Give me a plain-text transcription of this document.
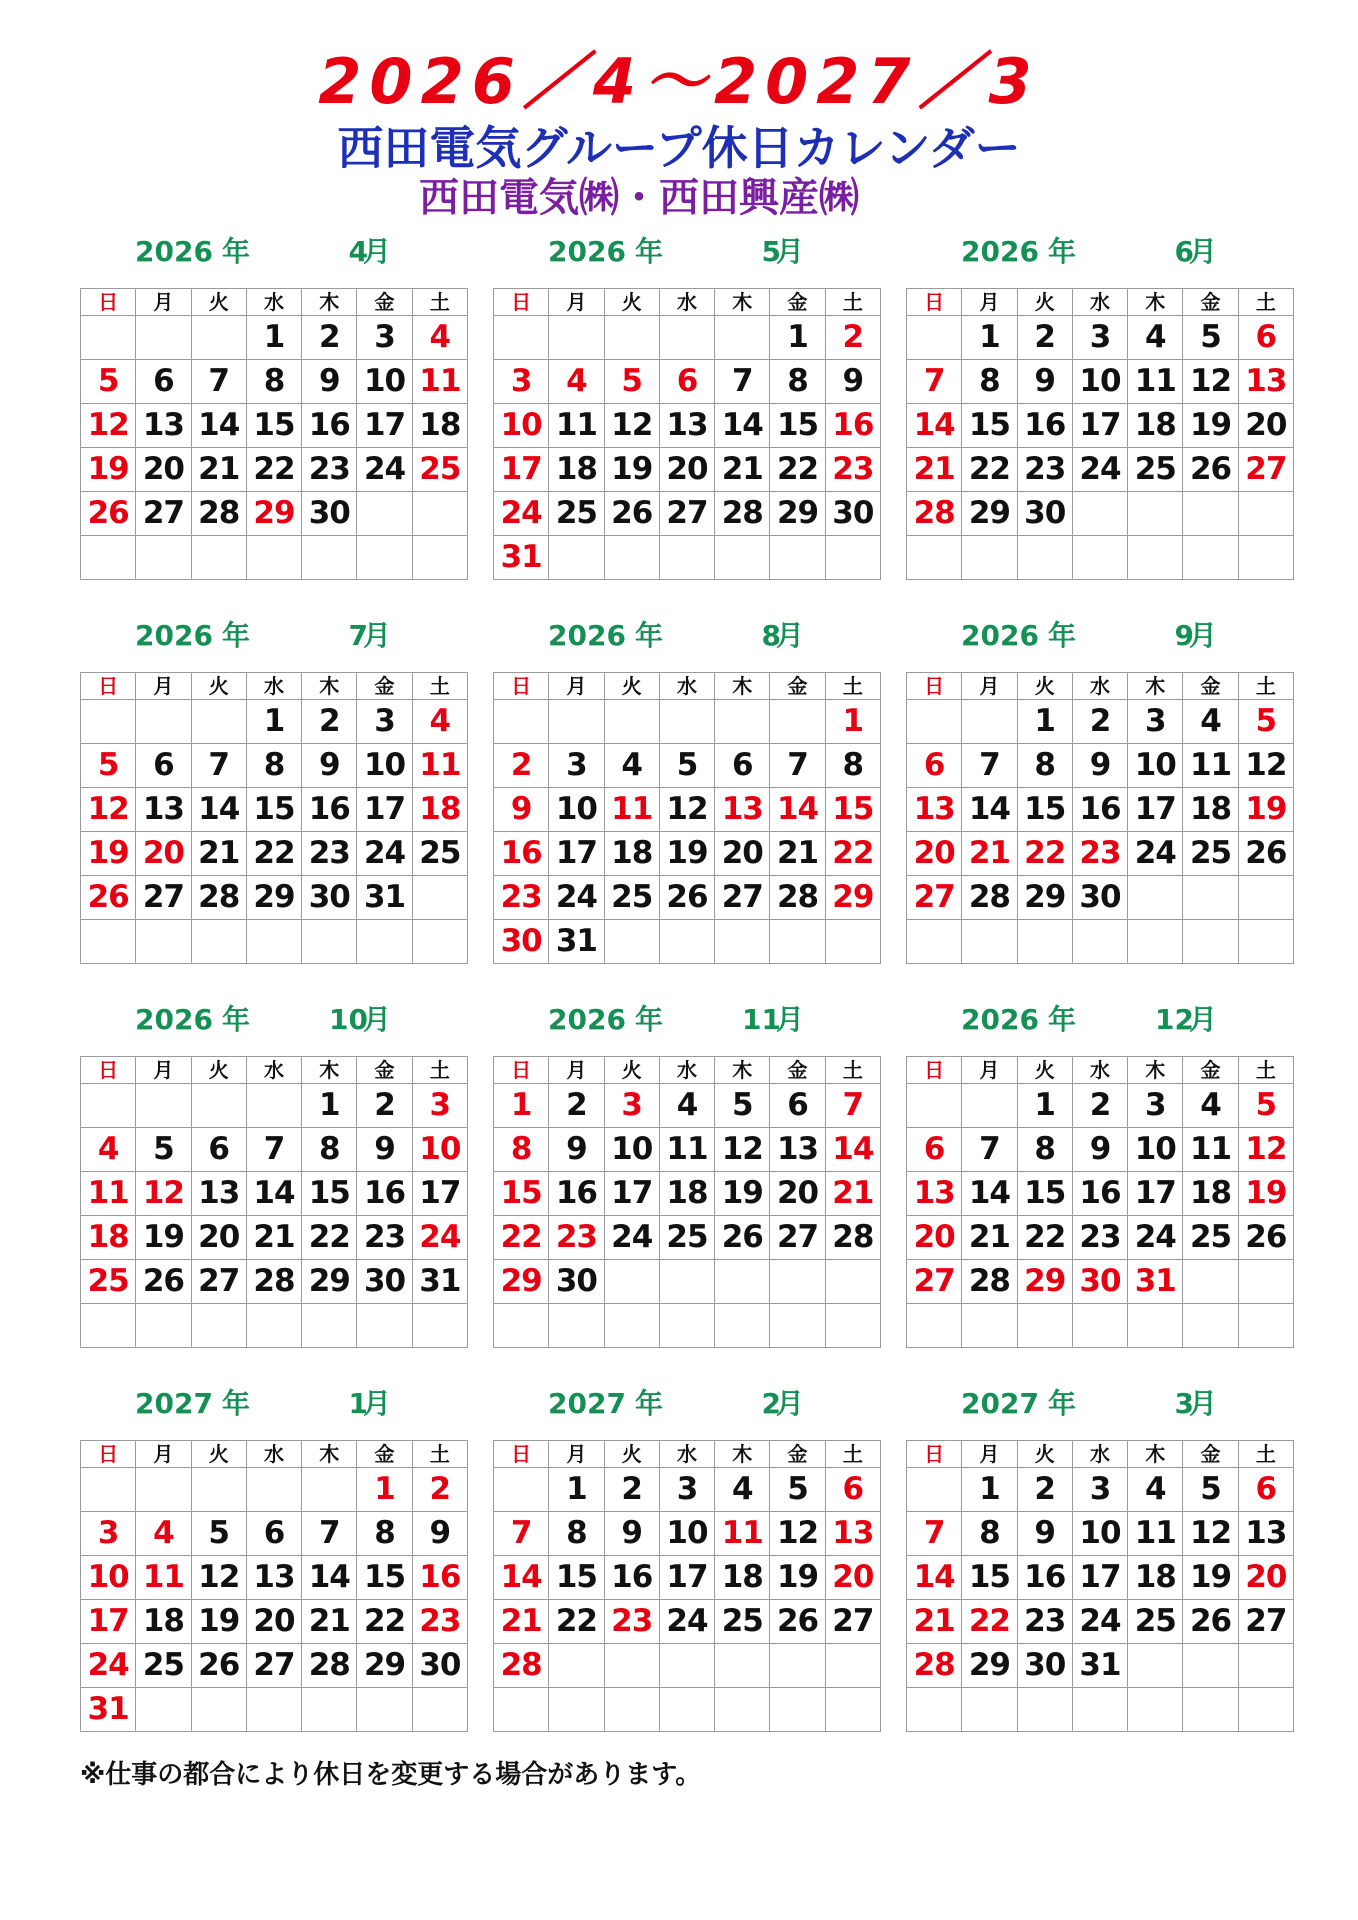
2026／4～2027／3
西田電気グループ休日カレンダー
西田電気㈱・西田興産㈱
2026 年	4
月
日	月	火	水	木	金	土
			1	2	3	4
5	6	7	8	9	10	11
12	13	14	15	16	17	18
19	20	21	22	23	24	25
26	27	28	29	30		

2026 年	5
月
日	月	火	水	木	金	土
					1	2
3	4	5	6	7	8	9
10	11	12	13	14	15	16
17	18	19	20	21	22	23
24	25	26	27	28	29	30
31						
2026 年	6
月
日	月	火	水	木	金	土
	1	2	3	4	5	6
7	8	9	10	11	12	13
14	15	16	17	18	19	20
21	22	23	24	25	26	27
28	29	30				

2026 年	7
月
日	月	火	水	木	金	土
			1	2	3	4
5	6	7	8	9	10	11
12	13	14	15	16	17	18
19	20	21	22	23	24	25
26	27	28	29	30	31	

2026 年	8
月
日	月	火	水	木	金	土
						1
2	3	4	5	6	7	8
9	10	11	12	13	14	15
16	17	18	19	20	21	22
23	24	25	26	27	28	29
30	31					
2026 年	9
月
日	月	火	水	木	金	土
		1	2	3	4	5
6	7	8	9	10	11	12
13	14	15	16	17	18	19
20	21	22	23	24	25	26
27	28	29	30			

2026 年	10
月
日	月	火	水	木	金	土
				1	2	3
4	5	6	7	8	9	10
11	12	13	14	15	16	17
18	19	20	21	22	23	24
25	26	27	28	29	30	31

2026 年	11
月
日	月	火	水	木	金	土
1	2	3	4	5	6	7
8	9	10	11	12	13	14
15	16	17	18	19	20	21
22	23	24	25	26	27	28
29	30					

2026 年	12
月
日	月	火	水	木	金	土
		1	2	3	4	5
6	7	8	9	10	11	12
13	14	15	16	17	18	19
20	21	22	23	24	25	26
27	28	29	30	31		

2027 年	1
月
日	月	火	水	木	金	土
					1	2
3	4	5	6	7	8	9
10	11	12	13	14	15	16
17	18	19	20	21	22	23
24	25	26	27	28	29	30
31						
2027 年	2
月
日	月	火	水	木	金	土
	1	2	3	4	5	6
7	8	9	10	11	12	13
14	15	16	17	18	19	20
21	22	23	24	25	26	27
28						

2027 年	3
月
日	月	火	水	木	金	土
	1	2	3	4	5	6
7	8	9	10	11	12	13
14	15	16	17	18	19	20
21	22	23	24	25	26	27
28	29	30	31			

※仕事の都合により休日を変更する場合があります。
